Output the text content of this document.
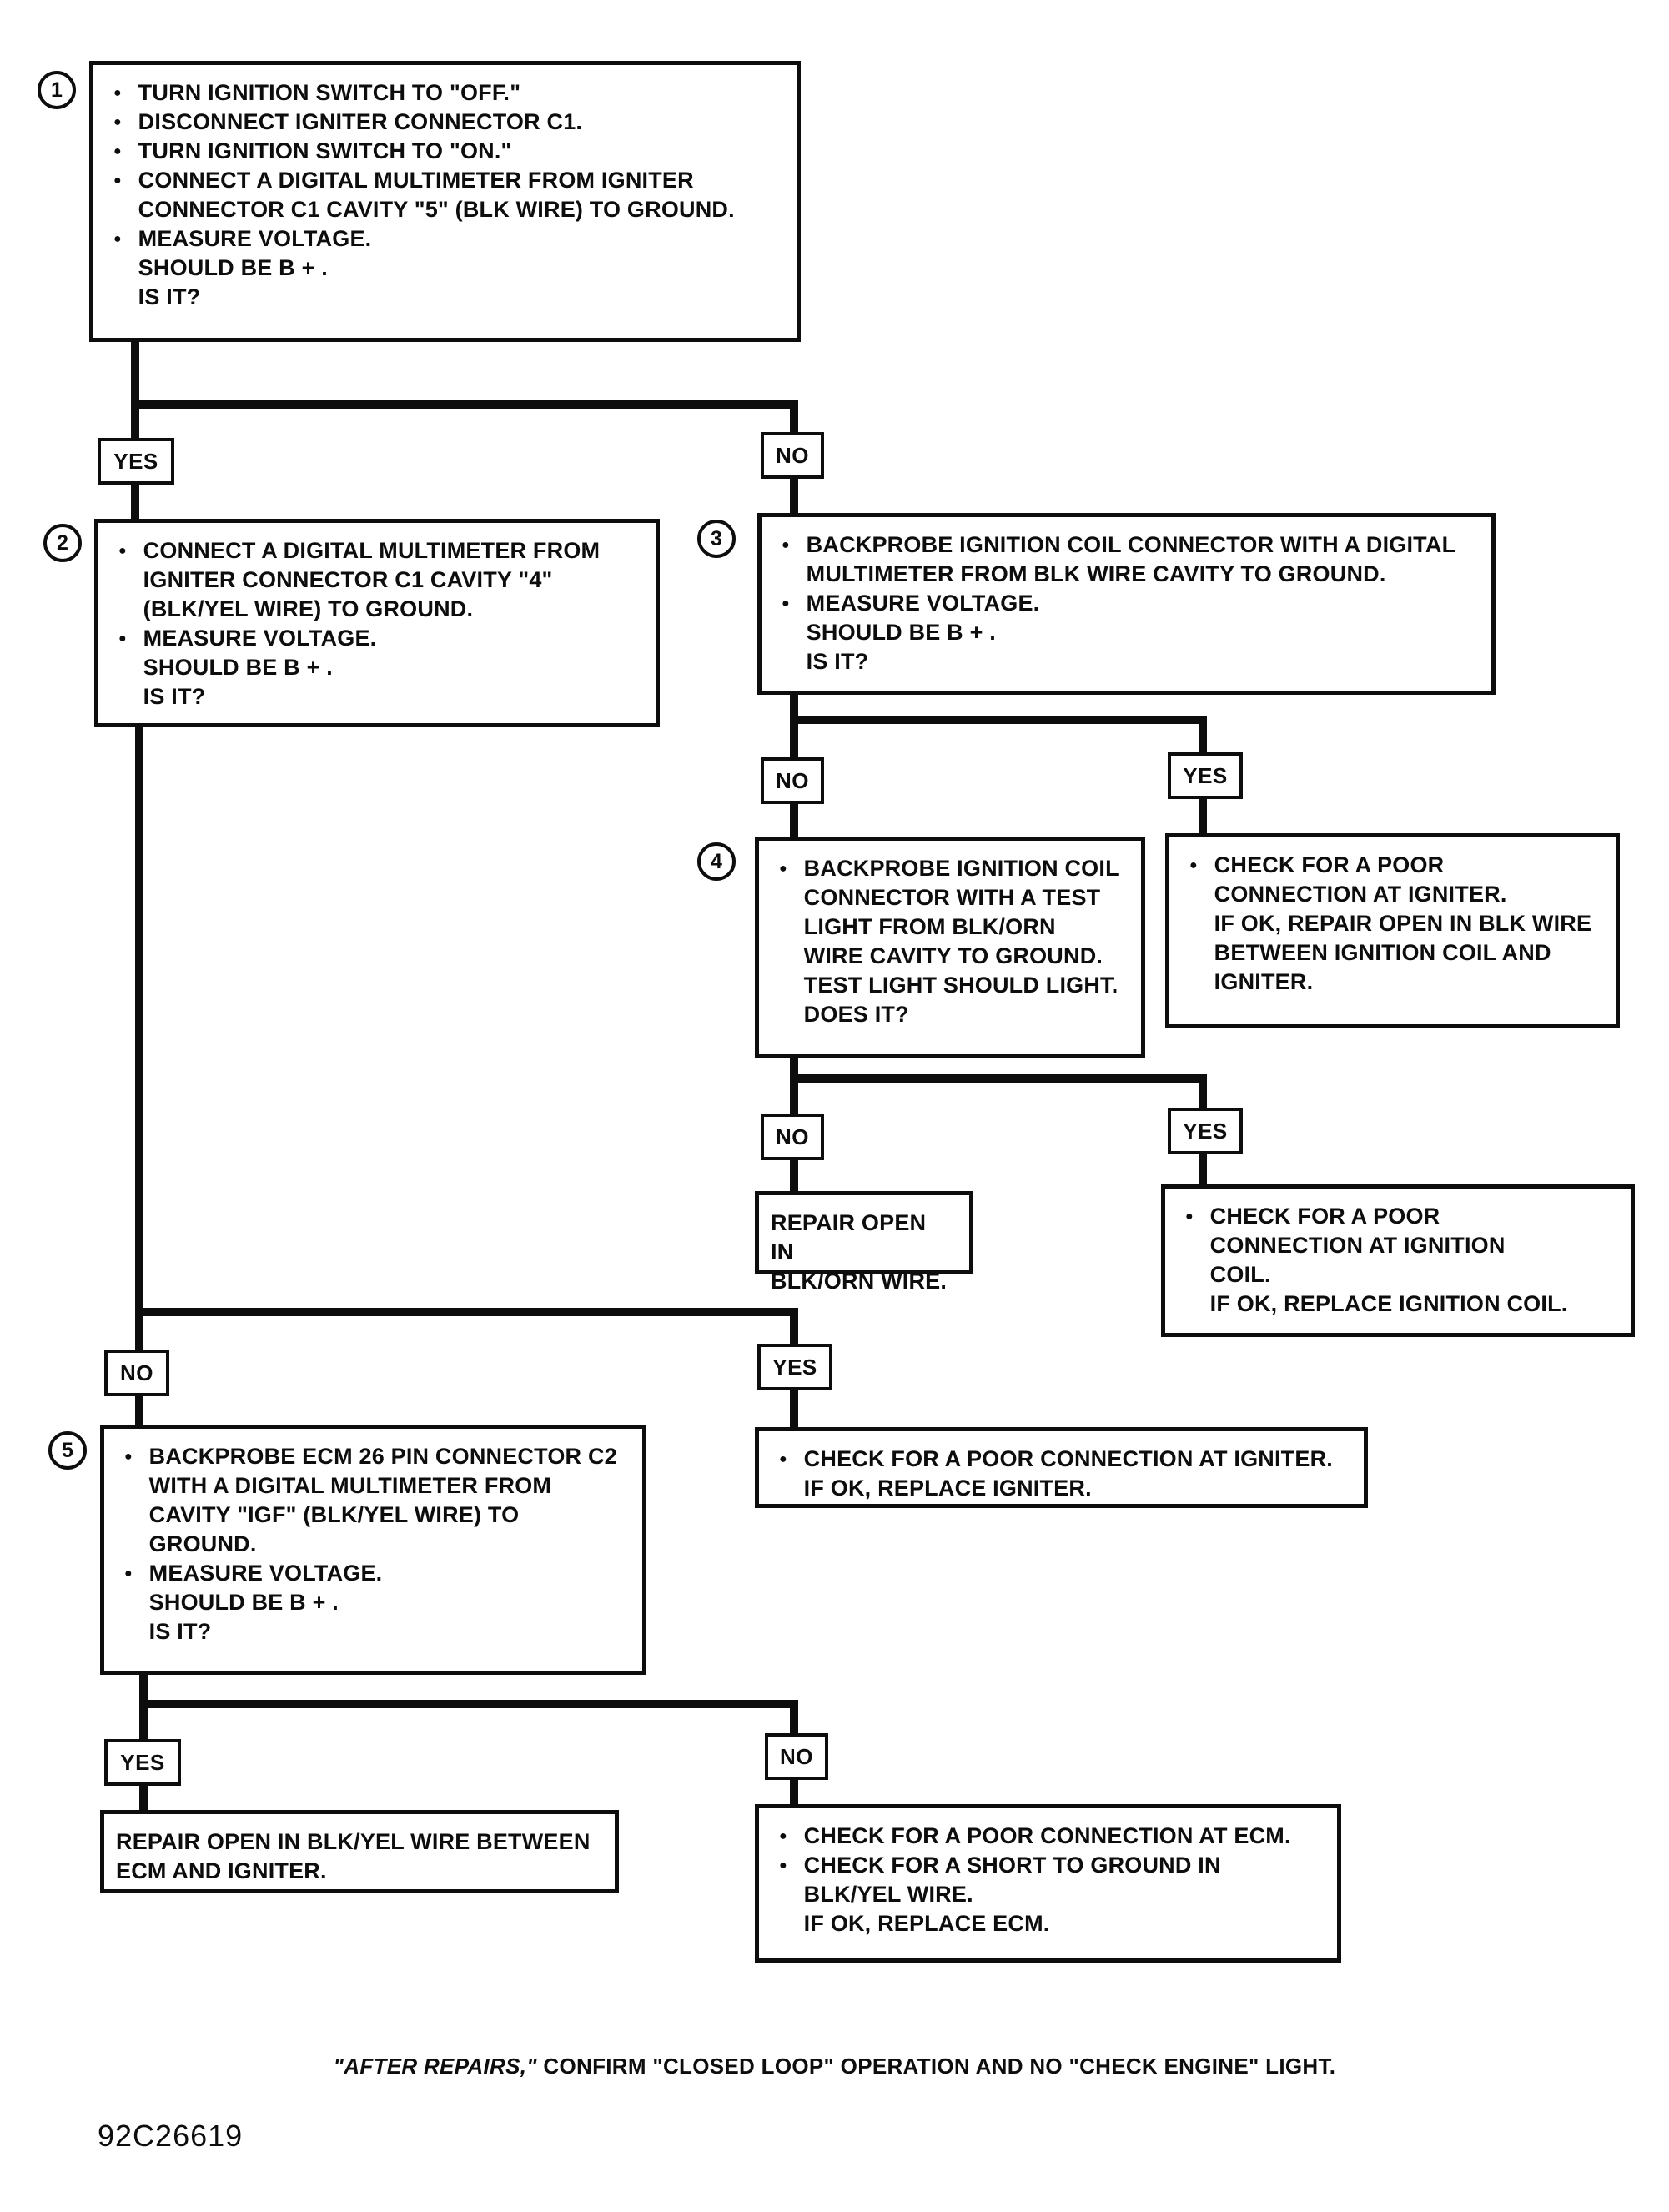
1	● TURN IGNITION SWITCH TO "OFF."
● DISCONNECT IGNITER CONNECTOR C1.
● TURN IGNITION SWITCH TO "ON."
● CONNECT A DIGITAL MULTIMETER FROM IGNITER
CONNECTOR C1 CAVITY "5" (BLK WIRE) TO GROUND.
● MEASURE VOLTAGE.
SHOULD BE B + .
IS IT?
YES	NO
2	● CONNECT A DIGITAL MULTIMETER FROM
IGNITER CONNECTOR C1 CAVITY "4"
(BLK/YEL WIRE) TO GROUND.
● MEASURE VOLTAGE.
SHOULD BE B + .
IS IT?
3	● BACKPROBE IGNITION COIL CONNECTOR WITH A DIGITAL
MULTIMETER FROM BLK WIRE CAVITY TO GROUND.
● MEASURE VOLTAGE.
SHOULD BE B + .
IS IT?
NO	YES
4	● BACKPROBE IGNITION COIL
CONNECTOR WITH A TEST
LIGHT FROM BLK/ORN
WIRE CAVITY TO GROUND.
TEST LIGHT SHOULD LIGHT.
DOES IT?
● CHECK FOR A POOR
CONNECTION AT IGNITER.
IF OK, REPAIR OPEN IN BLK WIRE
BETWEEN IGNITION COIL AND
IGNITER.
NO	YES
REPAIR OPEN IN
BLK/ORN WIRE.
● CHECK FOR A POOR
CONNECTION AT IGNITION
COIL.
IF OK, REPLACE IGNITION COIL.
NO	YES
5	● BACKPROBE ECM 26 PIN CONNECTOR C2
WITH A DIGITAL MULTIMETER FROM
CAVITY "IGF" (BLK/YEL WIRE) TO
GROUND.
● MEASURE VOLTAGE.
SHOULD BE B + .
IS IT?
● CHECK FOR A POOR CONNECTION AT IGNITER.
IF OK, REPLACE IGNITER.
YES	NO
REPAIR OPEN IN BLK/YEL WIRE BETWEEN
ECM AND IGNITER.
● CHECK FOR A POOR CONNECTION AT ECM.
● CHECK FOR A SHORT TO GROUND IN
BLK/YEL WIRE.
IF OK, REPLACE ECM.
"AFTER REPAIRS," CONFIRM "CLOSED LOOP" OPERATION AND NO "CHECK ENGINE" LIGHT.
92C26619
